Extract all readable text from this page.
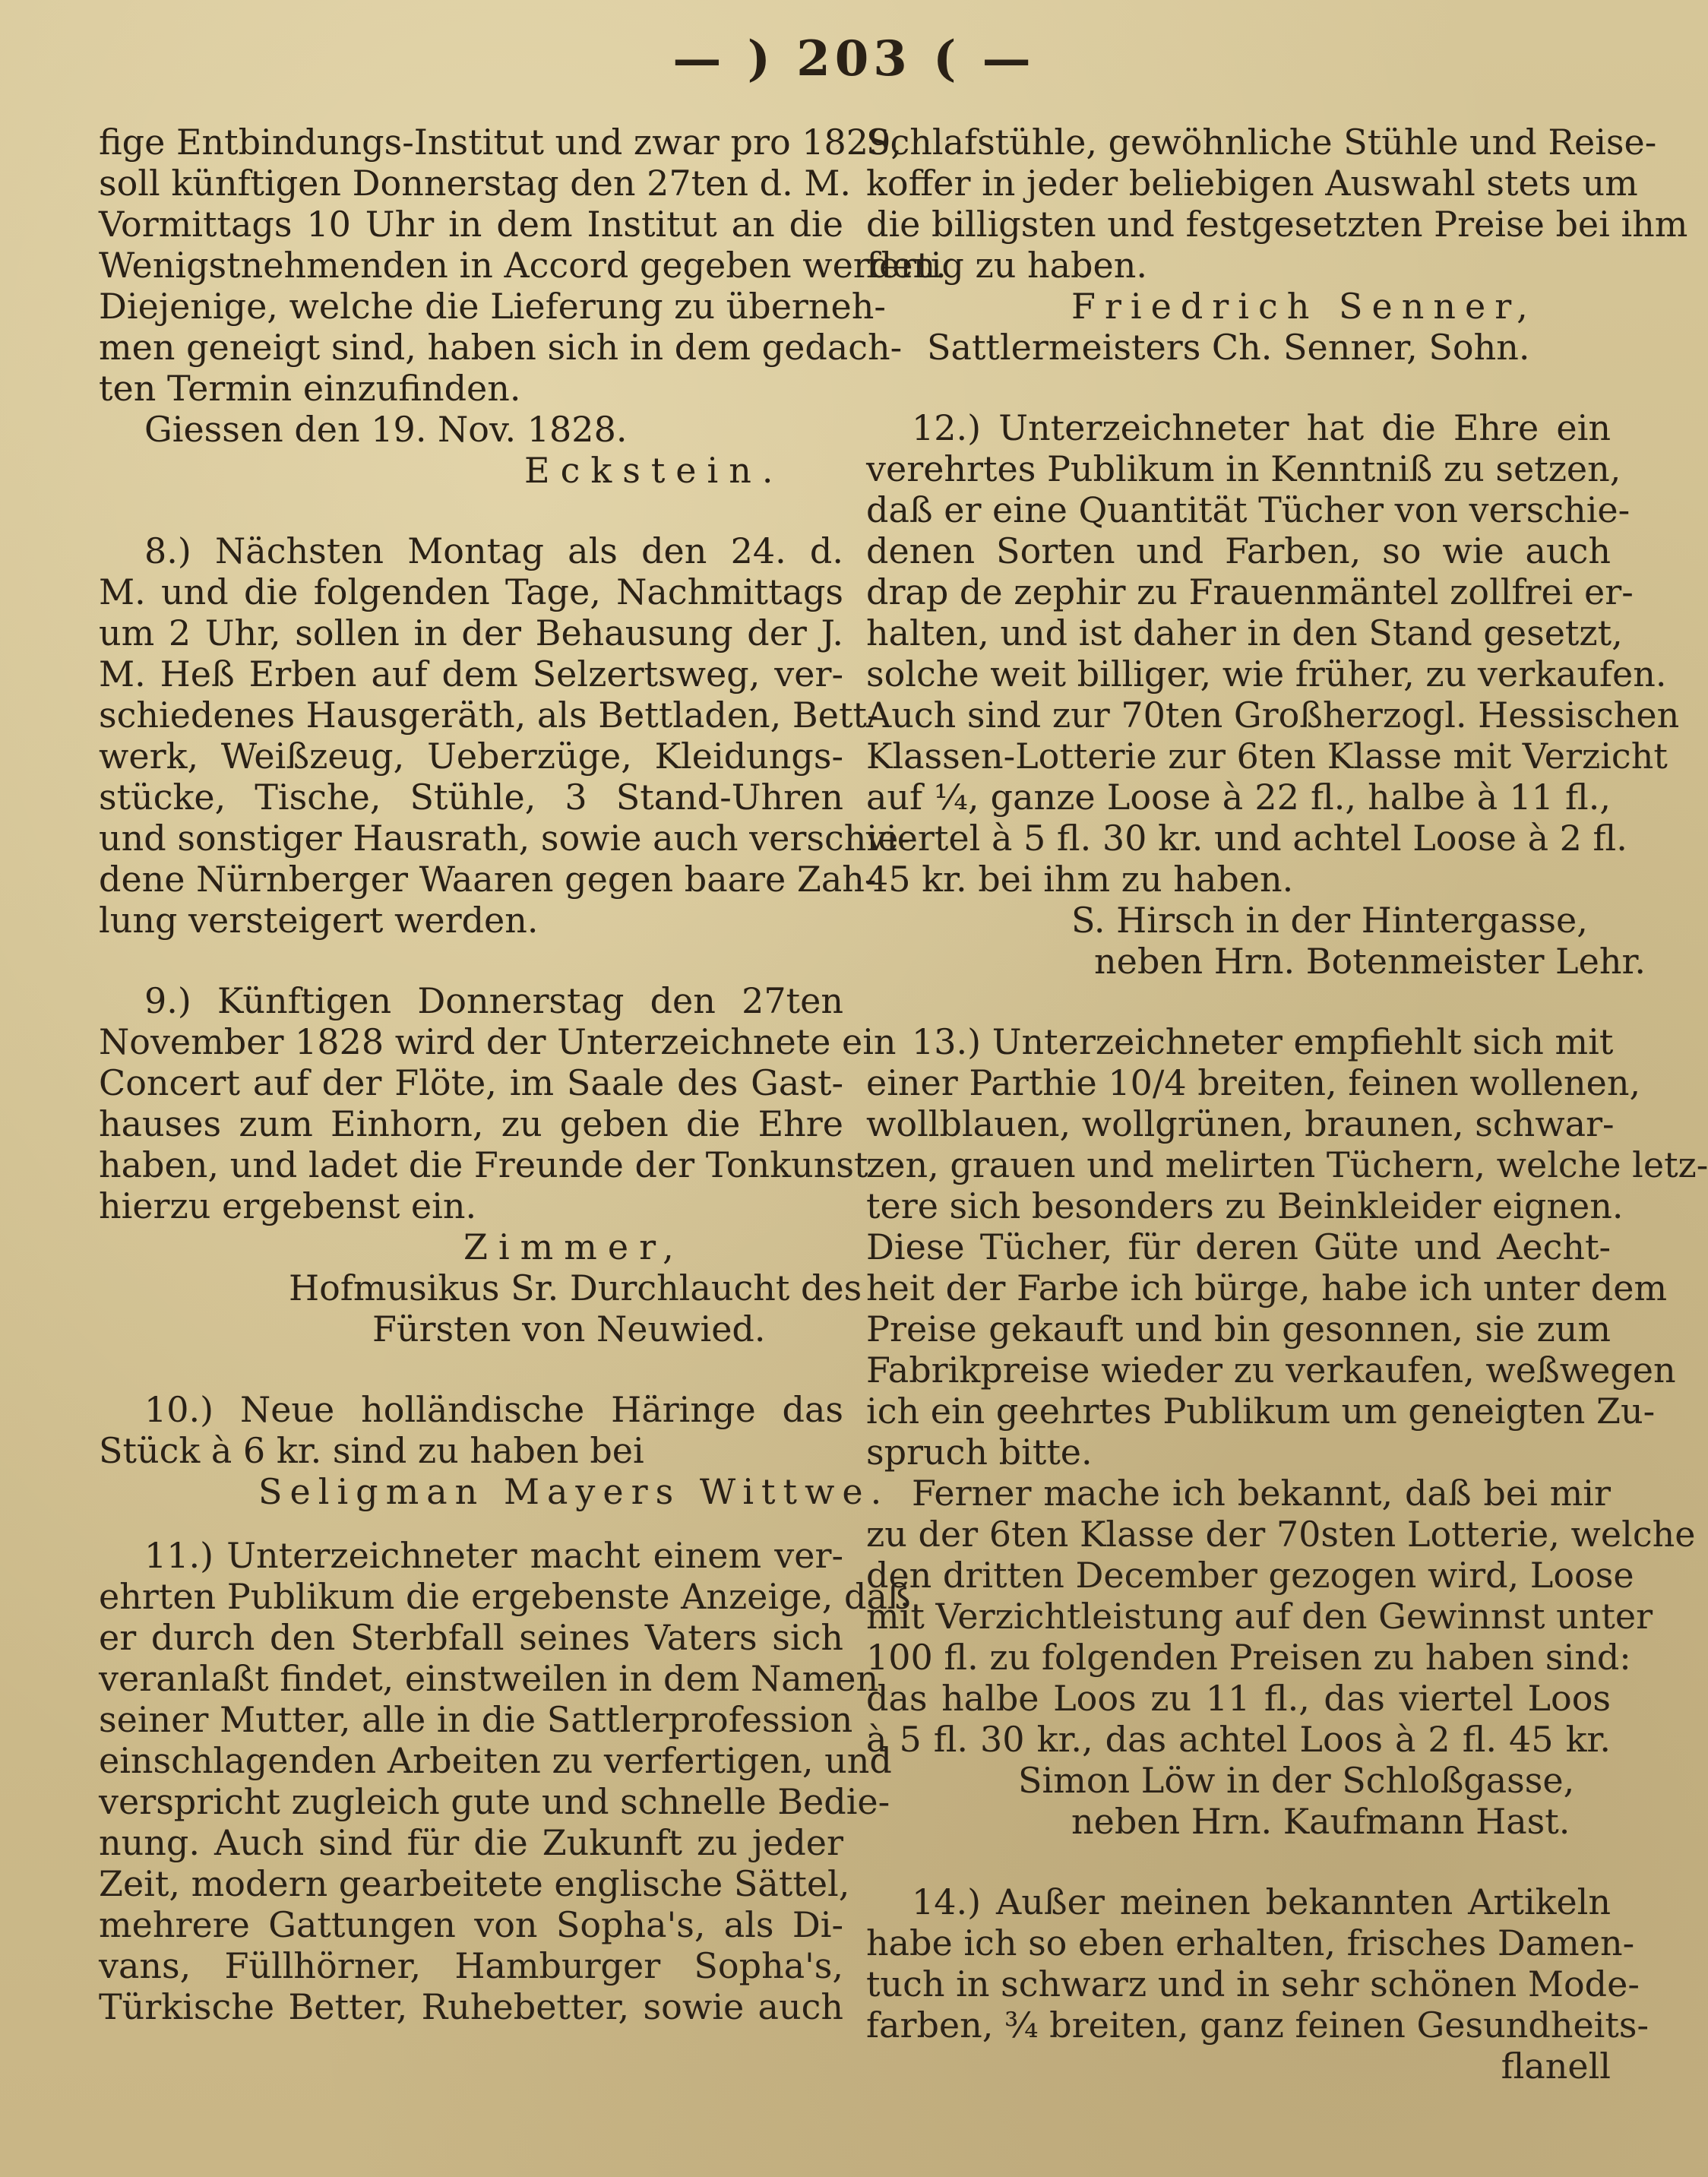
— ) 203 ( —
fige Entbindungs-Institut und zwar pro 1829,
soll künftigen Donnerstag den 27ten d. M.
Vormittags 10 Uhr in dem Institut an die
Wenigstnehmenden in Accord gegeben werden.
Diejenige, welche die Lieferung zu überneh-
men geneigt sind, haben sich in dem gedach-
ten Termin einzufinden.
Giessen den 19. Nov. 1828.
Eckstein.
8.) Nächsten Montag als den 24. d.
M. und die folgenden Tage, Nachmittags
um 2 Uhr, sollen in der Behausung der J.
M. Heß Erben auf dem Selzertsweg, ver-
schiedenes Hausgeräth, als Bettladen, Bett-
werk, Weißzeug, Ueberzüge, Kleidungs-
stücke, Tische, Stühle, 3 Stand-Uhren
und sonstiger Hausrath, sowie auch verschie-
dene Nürnberger Waaren gegen baare Zah-
lung versteigert werden.
9.) Künftigen Donnerstag den 27ten
November 1828 wird der Unterzeichnete ein
Concert auf der Flöte, im Saale des Gast-
hauses zum Einhorn, zu geben die Ehre
haben, und ladet die Freunde der Tonkunst
hierzu ergebenst ein.
Zimmer,
Hofmusikus Sr. Durchlaucht des
Fürsten von Neuwied.
10.) Neue holländische Häringe das
Stück à 6 kr. sind zu haben bei
Seligman Mayers Wittwe.
11.) Unterzeichneter macht einem ver-
ehrten Publikum die ergebenste Anzeige, daß
er durch den Sterbfall seines Vaters sich
veranlaßt findet, einstweilen in dem Namen
seiner Mutter, alle in die Sattlerprofession
einschlagenden Arbeiten zu verfertigen, und
verspricht zugleich gute und schnelle Bedie-
nung. Auch sind für die Zukunft zu jeder
Zeit, modern gearbeitete englische Sättel,
mehrere Gattungen von Sopha's, als Di-
vans, Füllhörner, Hamburger Sopha's,
Türkische Better, Ruhebetter, sowie auch
Schlafstühle, gewöhnliche Stühle und Reise-
koffer in jeder beliebigen Auswahl stets um
die billigsten und festgesetzten Preise bei ihm
fertig zu haben.
Friedrich Senner,
Sattlermeisters Ch. Senner, Sohn.
12.) Unterzeichneter hat die Ehre ein
verehrtes Publikum in Kenntniß zu setzen,
daß er eine Quantität Tücher von verschie-
denen Sorten und Farben, so wie auch
drap de zephir zu Frauenmäntel zollfrei er-
halten, und ist daher in den Stand gesetzt,
solche weit billiger, wie früher, zu verkaufen.
Auch sind zur 70ten Großherzogl. Hessischen
Klassen-Lotterie zur 6ten Klasse mit Verzicht
auf ¼, ganze Loose à 22 fl., halbe à 11 fl.,
viertel à 5 fl. 30 kr. und achtel Loose à 2 fl.
45 kr. bei ihm zu haben.
S. Hirsch in der Hintergasse,
neben Hrn. Botenmeister Lehr.
13.) Unterzeichneter empfiehlt sich mit
einer Parthie 10/4 breiten, feinen wollenen,
wollblauen, wollgrünen, braunen, schwar-
zen, grauen und melirten Tüchern, welche letz-
tere sich besonders zu Beinkleider eignen.
Diese Tücher, für deren Güte und Aecht-
heit der Farbe ich bürge, habe ich unter dem
Preise gekauft und bin gesonnen, sie zum
Fabrikpreise wieder zu verkaufen, weßwegen
ich ein geehrtes Publikum um geneigten Zu-
spruch bitte.
Ferner mache ich bekannt, daß bei mir
zu der 6ten Klasse der 70sten Lotterie, welche
den dritten December gezogen wird, Loose
mit Verzichtleistung auf den Gewinnst unter
100 fl. zu folgenden Preisen zu haben sind:
das halbe Loos zu 11 fl., das viertel Loos
à 5 fl. 30 kr., das achtel Loos à 2 fl. 45 kr.
Simon Löw in der Schloßgasse,
neben Hrn. Kaufmann Hast.
14.) Außer meinen bekannten Artikeln
habe ich so eben erhalten, frisches Damen-
tuch in schwarz und in sehr schönen Mode-
farben, ¾ breiten, ganz feinen Gesundheits-
flanell
